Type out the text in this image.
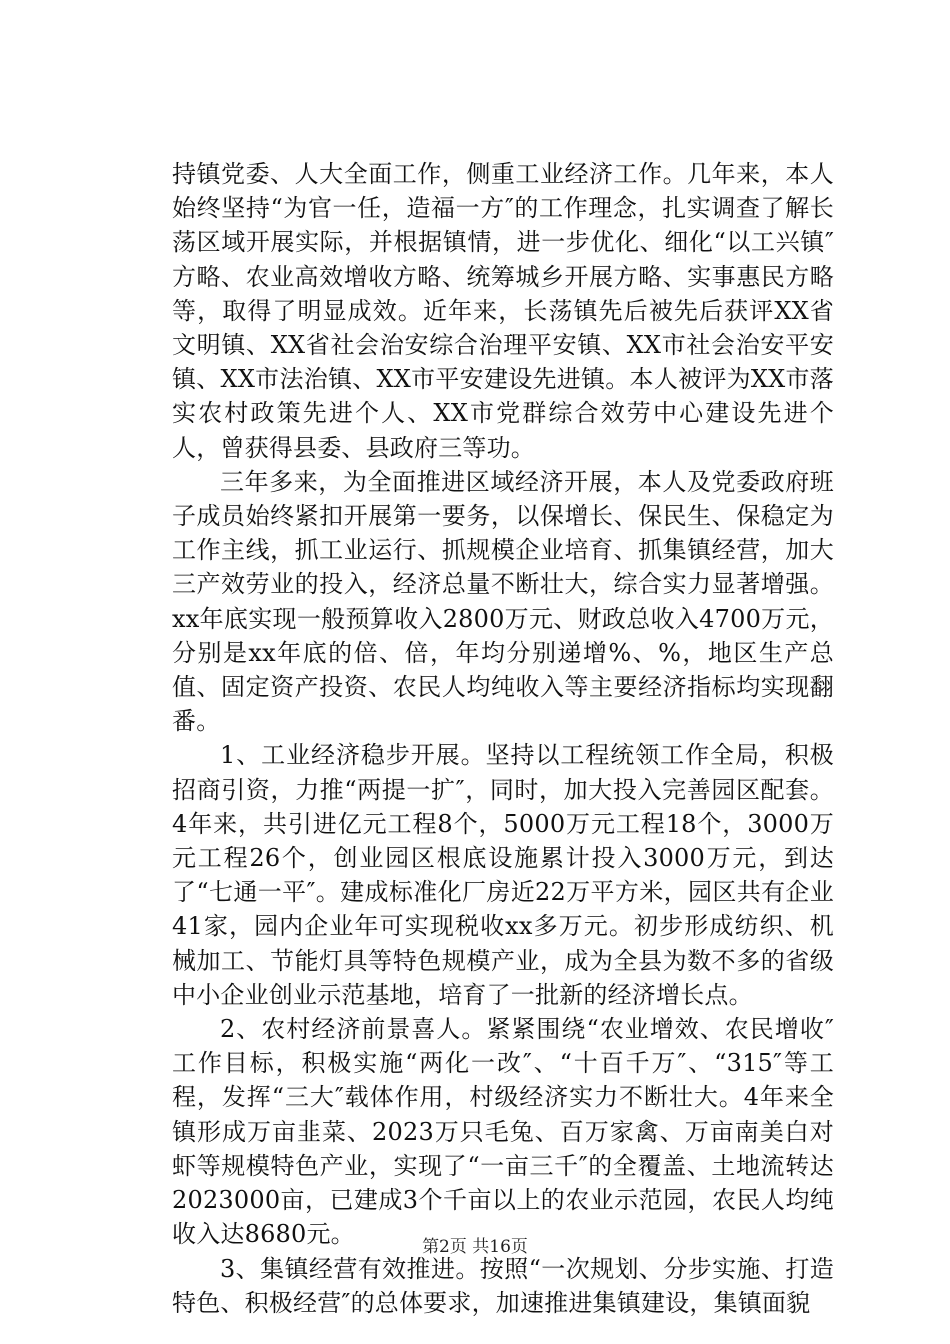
持镇党委、人大全面工作，侧重工业经济工作。几年来，本人始终坚持“为官一任，造福一方″的工作理念，扎实调查了解长荡区域开展实际，并根据镇情，进一步优化、细化“以工兴镇″方略、农业高效增收方略、统筹城乡开展方略、实事惠民方略等，取得了明显成效。近年来，长荡镇先后被先后获评XX省文明镇、XX省社会治安综合治理平安镇、XX市社会治安平安镇、XX市法治镇、XX市平安建设先进镇。本人被评为XX市落实农村政策先进个人、XX市党群综合效劳中心建设先进个人，曾获得县委、县政府三等功。

三年多来，为全面推进区域经济开展，本人及党委政府班子成员始终紧扣开展第一要务，以保增长、保民生、保稳定为工作主线，抓工业运行、抓规模企业培育、抓集镇经营，加大三产效劳业的投入，经济总量不断壮大，综合实力显著增强。xx年底实现一般预算收入2800万元、财政总收入4700万元，分别是xx年底的倍、倍，年均分别递增%、%，地区生产总值、固定资产投资、农民人均纯收入等主要经济指标均实现翻番。

1、工业经济稳步开展。坚持以工程统领工作全局，积极招商引资，力推“两提一扩″，同时，加大投入完善园区配套。4年来，共引进亿元工程8个，5000万元工程18个，3000万元工程26个，创业园区根底设施累计投入3000万元，到达了“七通一平″。建成标准化厂房近22万平方米，园区共有企业41家，园内企业年可实现税收xx多万元。初步形成纺织、机械加工、节能灯具等特色规模产业，成为全县为数不多的省级中小企业创业示范基地，培育了一批新的经济增长点。

2、农村经济前景喜人。紧紧围绕“农业增效、农民增收″工作目标，积极实施“两化一改″、“十百千万″、“315″等工程，发挥“三大″载体作用，村级经济实力不断壮大。4年来全镇形成万亩韭菜、2023万只毛兔、百万家禽、万亩南美白对虾等规模特色产业，实现了“一亩三千″的全覆盖、土地流转达2023000亩，已建成3个千亩以上的农业示范园，农民人均纯收入达8680元。

3、集镇经营有效推进。按照“一次规划、分步实施、打造特色、积极经营″的总体要求，加速推进集镇建设，集镇面貌

第2页 共16页
